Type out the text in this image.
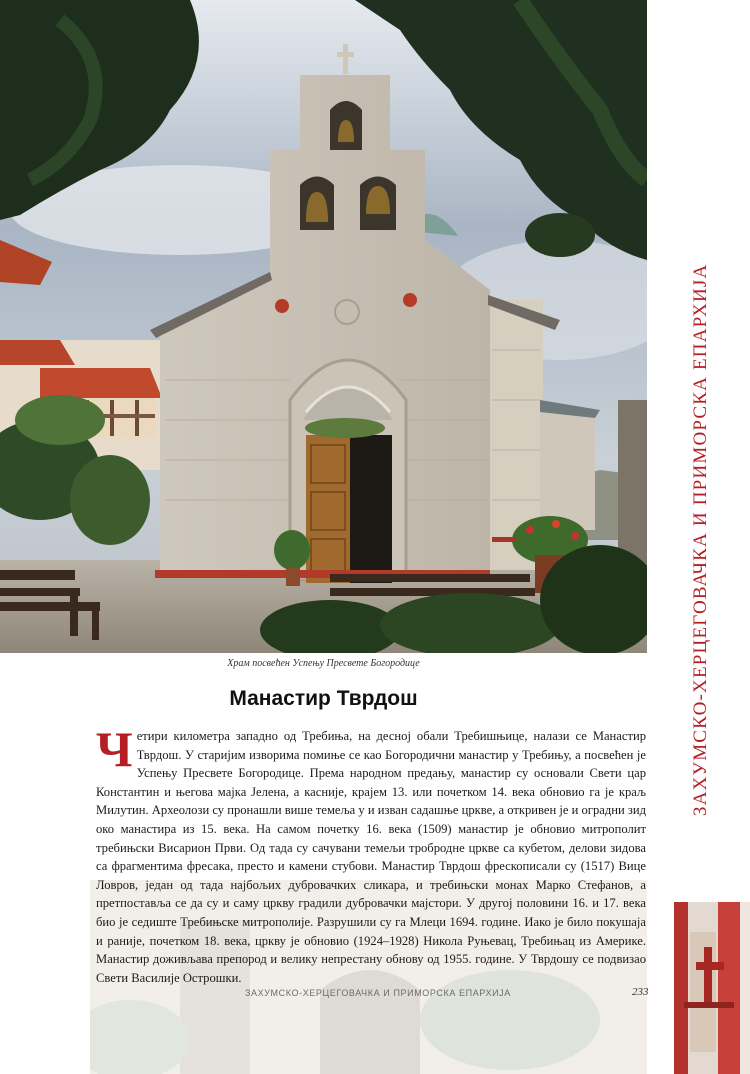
Храм посвећен Успењу Пресвете Богородице
Манастир Тврдош
Четири километра западно од Требиња, на десној обали Требишњице, налази се Манастир Тврдош. У старијим изворима помиње се као Богородични манастир у Требињу, а посвећен је Успењу Пресвете Богородице. Према народном предању, манастир су основали Свети цар Константин и његова мајка Јелена, а касније, крајем 13. или почетком 14. века обновио га је краљ Милутин. Археолози су пронашли више темеља у и изван садашње цркве, а откривен је и оградни зид око манастира из 15. века. На самом почетку 16. века (1509) манастир је обновио митрополит требињски Висарион Први. Од тада су сачувани темељи тробродне цркве са кубетом, делови зидова са фрагментима фресака, престо и камени стубови. Манастир Тврдош фрескописали су (1517) Вице Ловров, један од тада најбољих дубровачких сликара, и требињски монах Марко Стефанов, а претпоставља се да су и саму цркву градили дубровачки мајстори. У другој половини 16. и 17. века био је седиште Требињске митрополије. Разрушили су га Млеци 1694. године. Иако је било покушаја и раније, почетком 18. века, цркву је обновио (1924–1928) Никола Руњевац, Требињац из Америке. Манастир доживљава препород и велику непрестану обнову од 1955. године. У Тврдошу се подвизао Свети Василије Острошки.
ЗАХУМСКО-ХЕРЦЕГОВАЧКА И ПРИМОРСКА ЕПАРХИЈА	233
ЗАХУМСКО-ХЕРЦЕГОВАЧКА И ПРИМОРСКА ЕПАРХИЈА
